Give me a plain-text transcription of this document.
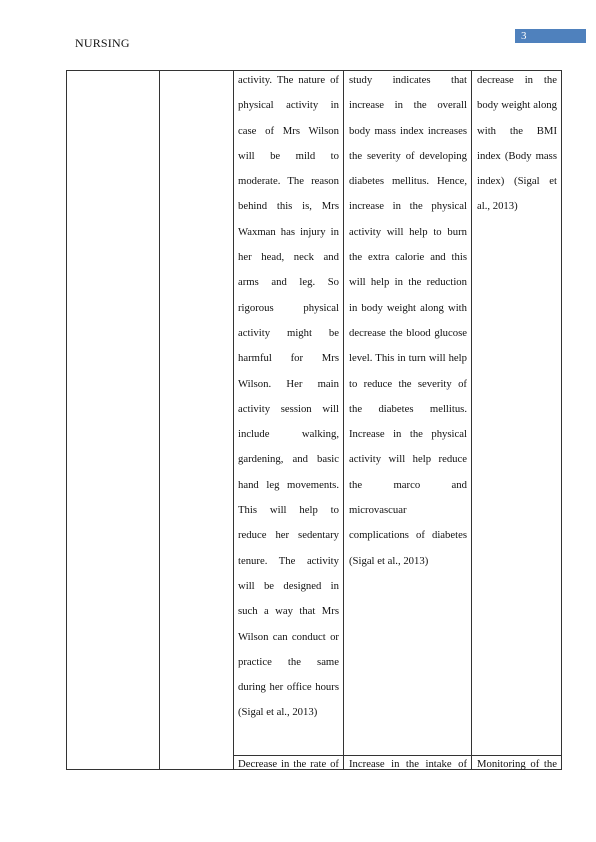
NURSING	3
activity. The nature of physical activity in case of Mrs Wilson will be mild to moderate. The reason behind this is, Mrs Waxman has injury in her head, neck and arms and leg. So rigorous physical activity might be harmful for Mrs Wilson. Her main activity session will include walking, gardening, and basic hand leg movements. This will help to reduce her sedentary tenure. The activity will be designed in such a way that Mrs Wilson can conduct or practice the same during her office hours (Sigal et al., 2013)
study indicates that increase in the overall body mass index increases the severity of developing diabetes mellitus. Hence, increase in the physical activity will help to burn the extra calorie and this will help in the reduction in body weight along with decrease the blood glucose level. This in turn will help to reduce the severity of the diabetes mellitus. Increase in the physical activity will help reduce the marco and microvascuar complications of diabetes (Sigal et al., 2013)
decrease in the body weight along with the BMI index (Body mass index) (Sigal et al., 2013)
Decrease in the rate of Increase in the intake of Monitoring of the
